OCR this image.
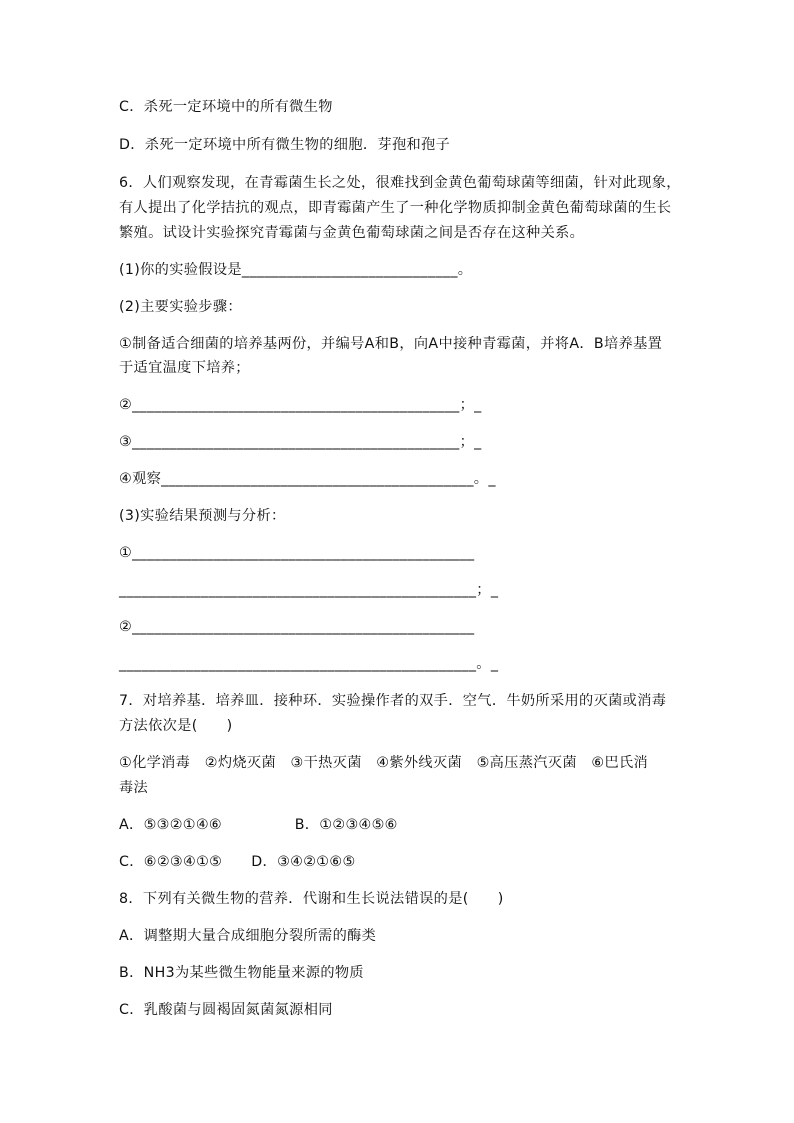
C．杀死一定环境中的所有微生物
D．杀死一定环境中所有微生物的细胞．芽孢和孢子
6．人们观察发现，在青霉菌生长之处，很难找到金黄色葡萄球菌等细菌，针对此现象，
有人提出了化学拮抗的观点，即青霉菌产生了一种化学物质抑制金黄色葡萄球菌的生长
繁殖。试设计实验探究青霉菌与金黄色葡萄球菌之间是否存在这种关系。
(1)你的实验假设是_____________________________。
(2)主要实验步骤：
①制备适合细菌的培养基两份，并编号A和B，向A中接种青霉菌，并将A．B培养基置
于适宜温度下培养；
②____________________________________________；_
③____________________________________________；_
④观察__________________________________________。_
(3)实验结果预测与分析：
①______________________________________________
________________________________________________；_
②______________________________________________
________________________________________________。_
7．对培养基．培养皿．接种环．实验操作者的双手．空气．牛奶所采用的灭菌或消毒
方法依次是(　　)
①化学消毒　②灼烧灭菌　③干热灭菌　④紫外线灭菌　⑤高压蒸汽灭菌　⑥巴氏消
毒法
A．⑤③②①④⑥　　　　　B．①②③④⑤⑥
C．⑥②③④①⑤　　D．③④②①⑥⑤
8．下列有关微生物的营养．代谢和生长说法错误的是(　　)
A．调整期大量合成细胞分裂所需的酶类
B．NH3为某些微生物能量来源的物质
C．乳酸菌与圆褐固氮菌氮源相同
